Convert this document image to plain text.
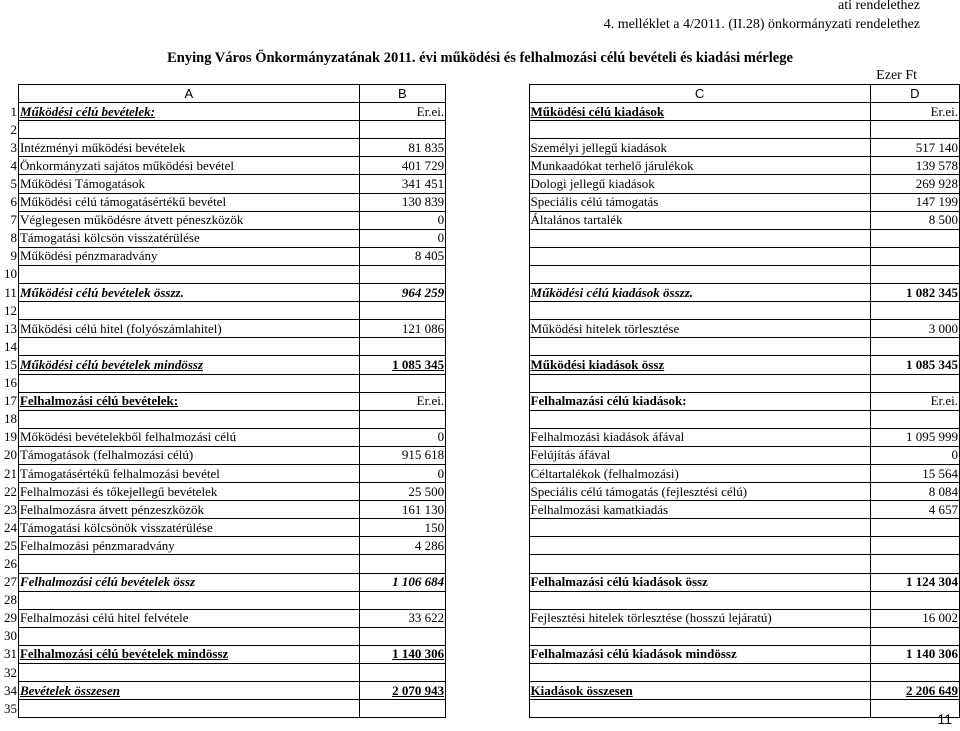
ati rendelethez
4. melléklet a 4/2011. (II.28) önkormányzati rendelethez
Enying Város Önkormányzatának 2011. évi működési és felhalmozási célú bevételi és kiadási mérlege
Ezer Ft
	A	B		C	D
1	Működési célú bevételek:	Er.ei.		Működési célú kiadások	Er.ei.
2					
3	Intézményi működési bevételek	81 835		Személyi jellegű kiadások	517 140
4	Önkormányzati sajátos működési bevétel	401 729		Munkaadókat terhelő járulékok	139 578
5	Működési Támogatások	341 451		Dologi jellegű kiadások	269 928
6	Működési célú támogatásértékű bevétel	130 839		Speciális célú támogatás	147 199
7	Véglegesen működésre átvett péneszközök	0		Általános tartalék	8 500
8	Támogatási kölcsön visszatérülése	0			
9	Működési pénzmaradvány	8 405			
10					
11	Működési célú bevételek összz.	964 259		Működési célú kiadások összz.	1 082 345
12					
13	Működési célú hitel (folyószámlahitel)	121 086		Működési hitelek törlesztése	3 000
14					
15	Működési célú bevételek mindössz	1 085 345		Működési kiadások össz	1 085 345
16					
17	Felhalmozási célú bevételek:	Er.ei.		Felhalmazási célú kiadások:	Er.ei.
18					
19	Mőködési bevételekből felhalmozási célú	0		Felhalmozási kiadások áfával	1 095 999
20	Támogatások (felhalmozási célú)	915 618		Felújítás áfával	0
21	Támogatásértékű felhalmozási bevétel	0		Céltartalékok (felhalmozási)	15 564
22	Felhalmozási és tőkejellegű bevételek	25 500		Speciális célú támogatás (fejlesztési célú)	8 084
23	Felhalmozásra átvett pénzeszközök	161 130		Felhalmozási kamatkiadás	4 657
24	Támogatási kölcsönök visszatérülése	150			
25	Felhalmozási pénzmaradvány	4 286			
26					
27	Felhalmozási célú bevételek össz	1 106 684		Felhalmazási célú kiadások össz	1 124 304
28					
29	Felhalmozási célú hitel felvétele	33 622		Fejlesztési hitelek törlesztése (hosszú lejáratú)	16 002
30					
31	Felhalmozási célú bevételek mindössz	1 140 306		Felhalmazási célú kiadások mindössz	1 140 306
32					
34	Bevételek összesen	2 070 943		Kiadások összesen	2 206 649
35					
11
